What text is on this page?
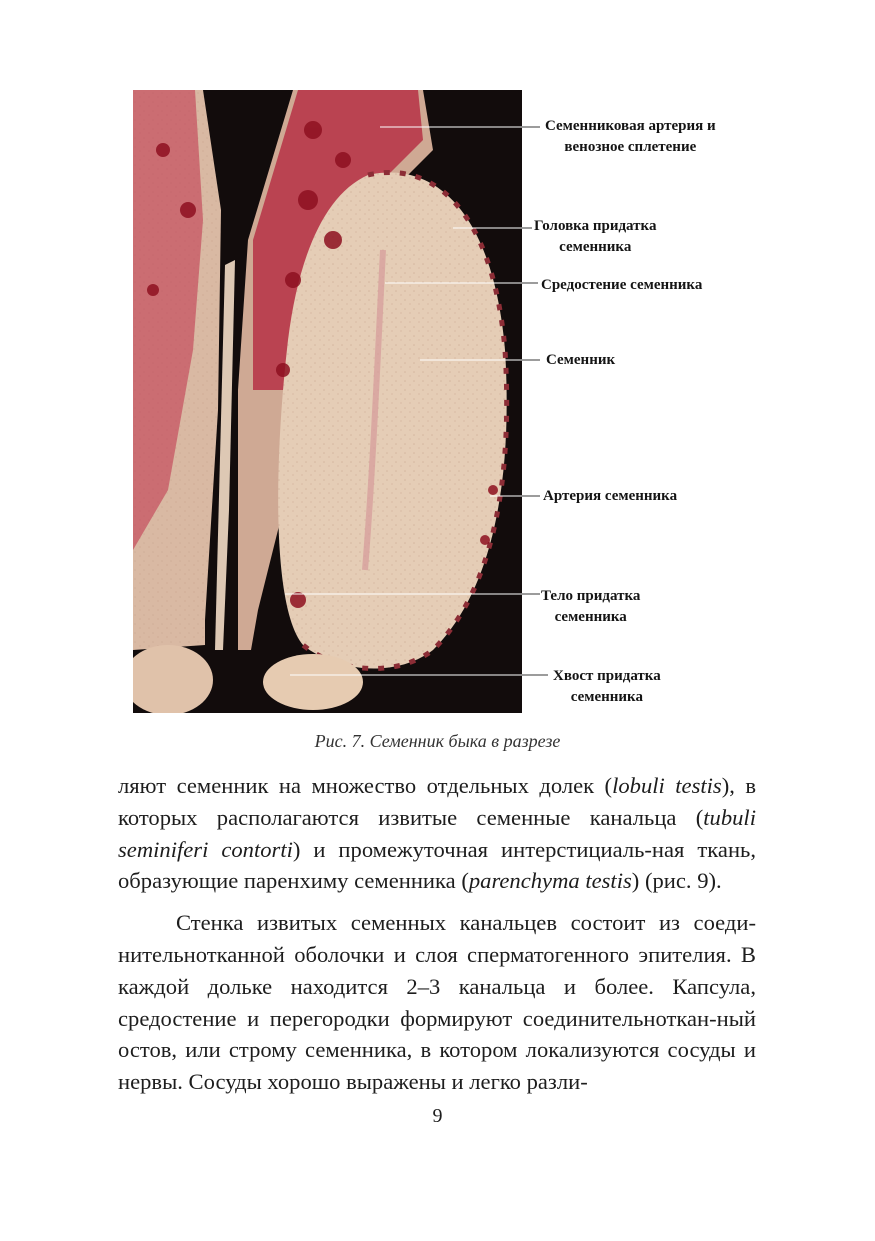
Семенниковая артерия и
венозное сплетение
Головка придатка
семенника
Средостение семенника
Семенник
Артерия семенника
Тело придатка
семенника
Хвост придатка
семенника
Рис. 7. Семенник быка в разрезе

ляют семенник на множество отдельных долек (lobuli testis), в которых располагаются извитые семенные канальца (tubuli seminiferi contorti) и промежуточная интерстициаль-ная ткань, образующие паренхиму семенника (parenchyma testis) (рис. 9).

Стенка извитых семенных канальцев состоит из соеди-нительнотканной оболочки и слоя сперматогенного эпителия. В каждой дольке находится 2–3 канальца и более. Капсула, средостение и перегородки формируют соединительноткан-ный остов, или строму семенника, в котором локализуются сосуды и нервы. Сосуды хорошо выражены и легко разли-

9
